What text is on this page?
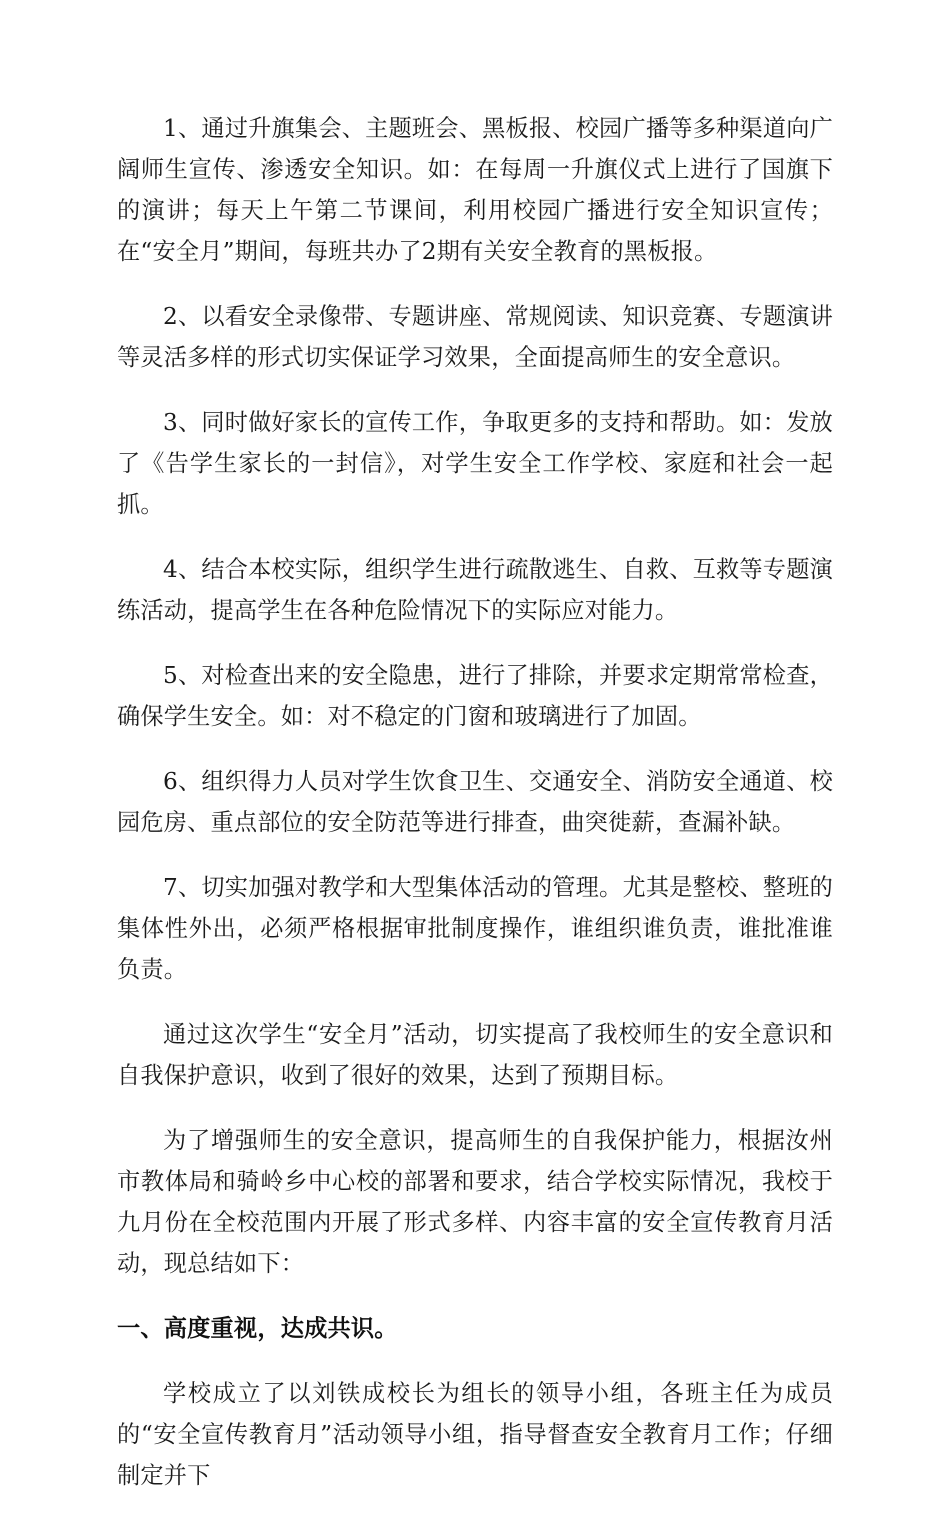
1、通过升旗集会、主题班会、黑板报、校园广播等多种渠道向广阔师生宣传、渗透安全知识。如：在每周一升旗仪式上进行了国旗下的演讲；每天上午第二节课间，利用校园广播进行安全知识宣传；在“安全月”期间，每班共办了2期有关安全教育的黑板报。

2、以看安全录像带、专题讲座、常规阅读、知识竞赛、专题演讲等灵活多样的形式切实保证学习效果，全面提高师生的安全意识。

3、同时做好家长的宣传工作，争取更多的支持和帮助。如：发放了《告学生家长的一封信》，对学生安全工作学校、家庭和社会一起抓。

4、结合本校实际，组织学生进行疏散逃生、自救、互救等专题演练活动，提高学生在各种危险情况下的实际应对能力。

5、对检查出来的安全隐患，进行了排除，并要求定期常常检查，确保学生安全。如：对不稳定的门窗和玻璃进行了加固。

6、组织得力人员对学生饮食卫生、交通安全、消防安全通道、校园危房、重点部位的安全防范等进行排查，曲突徙薪，查漏补缺。

7、切实加强对教学和大型集体活动的管理。尤其是整校、整班的集体性外出，必须严格根据审批制度操作，谁组织谁负责，谁批准谁负责。

通过这次学生“安全月”活动，切实提高了我校师生的安全意识和自我保护意识，收到了很好的效果，达到了预期目标。

为了增强师生的安全意识，提高师生的自我保护能力，根据汝州市教体局和骑岭乡中心校的部署和要求，结合学校实际情况，我校于九月份在全校范围内开展了形式多样、内容丰富的安全宣传教育月活动，现总结如下：

一、高度重视，达成共识。

学校成立了以刘铁成校长为组长的领导小组，各班主任为成员的“安全宣传教育月”活动领导小组，指导督查安全教育月工作；仔细制定并下
